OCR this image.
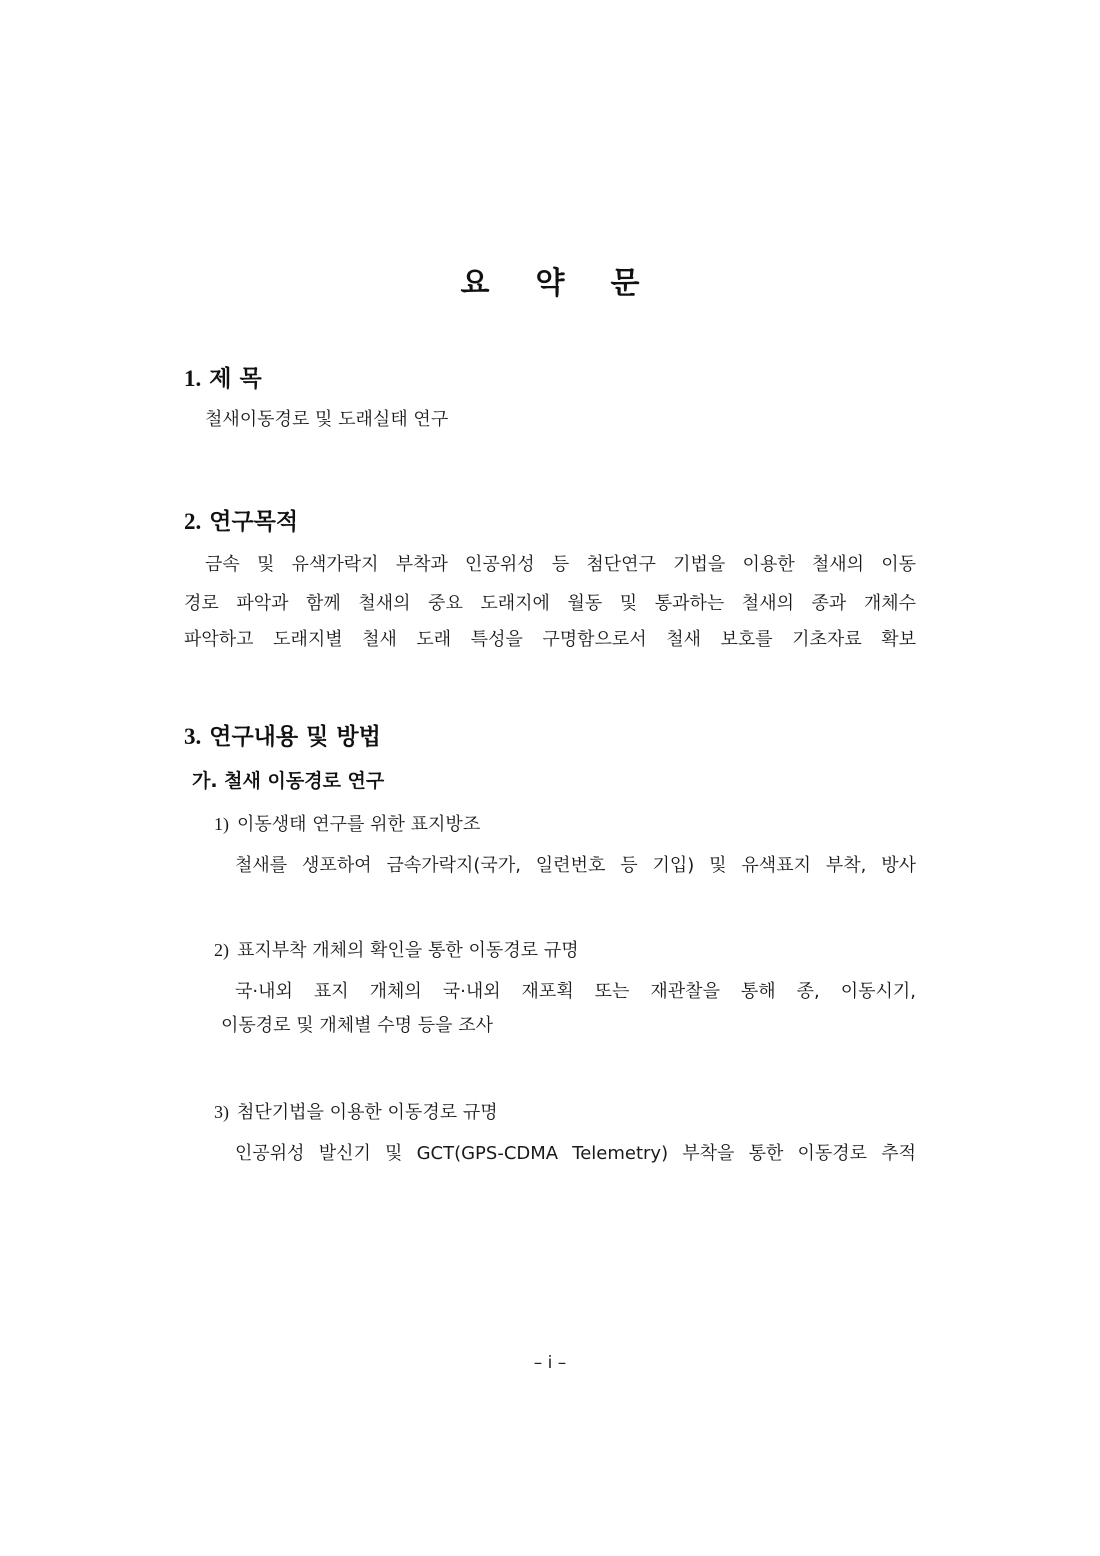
요 약 문
1. 제 목
철새이동경로 및 도래실태 연구
2. 연구목적
금속 및 유색가락지 부착과 인공위성 등 첨단연구 기법을 이용한 철새의 이동
경로 파악과 함께 철새의 중요 도래지에 월동 및 통과하는 철새의 종과 개체수
파악하고 도래지별 철새 도래 특성을 구명함으로서 철새 보호를 기초자료 확보
3. 연구내용 및 방법
가. 철새 이동경로 연구
1) 이동생태 연구를 위한 표지방조
철새를 생포하여 금속가락지(국가, 일련번호 등 기입) 및 유색표지 부착, 방사
2) 표지부착 개체의 확인을 통한 이동경로 규명
국·내외 표지 개체의 국·내외 재포획 또는 재관찰을 통해 종, 이동시기,
이동경로 및 개체별 수명 등을 조사
3) 첨단기법을 이용한 이동경로 규명
인공위성 발신기 및 GCT(GPS-CDMA Telemetry) 부착을 통한 이동경로 추적
– i –
